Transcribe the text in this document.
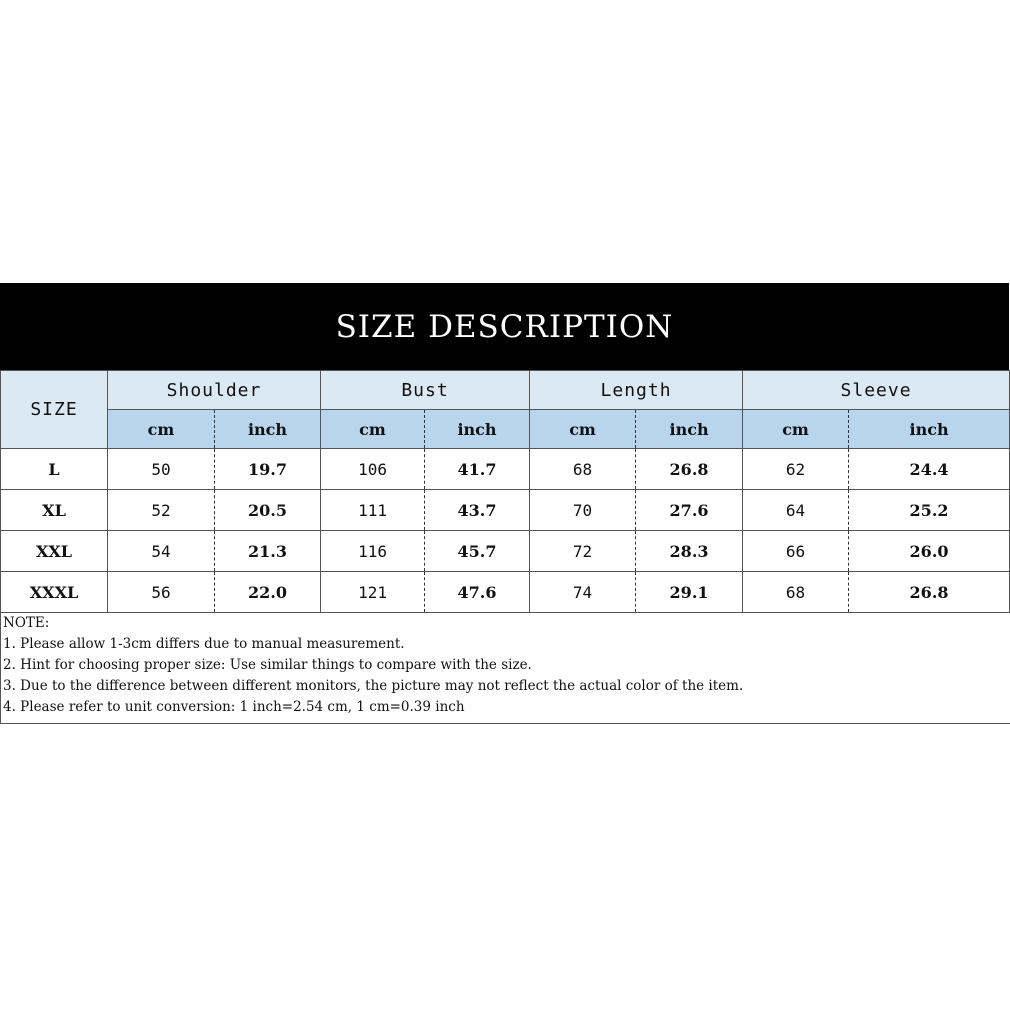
SIZE DESCRIPTION
SIZE	Shoulder		Bust		Length		Sleeve	
	cm	inch	cm	inch	cm	inch	cm	inch
L	50	19.7	106	41.7	68	26.8	62	24.4
XL	52	20.5	111	43.7	70	27.6	64	25.2
XXL	54	21.3	116	45.7	72	28.3	66	26.0
XXXL	56	22.0	121	47.6	74	29.1	68	26.8
NOTE:
1. Please allow 1-3cm differs due to manual measurement.
2. Hint for choosing proper size: Use similar things to compare with the size.
3. Due to the difference between different monitors, the picture may not reflect the actual color of the item.
4. Please refer to unit conversion: 1 inch=2.54 cm, 1 cm=0.39 inch
